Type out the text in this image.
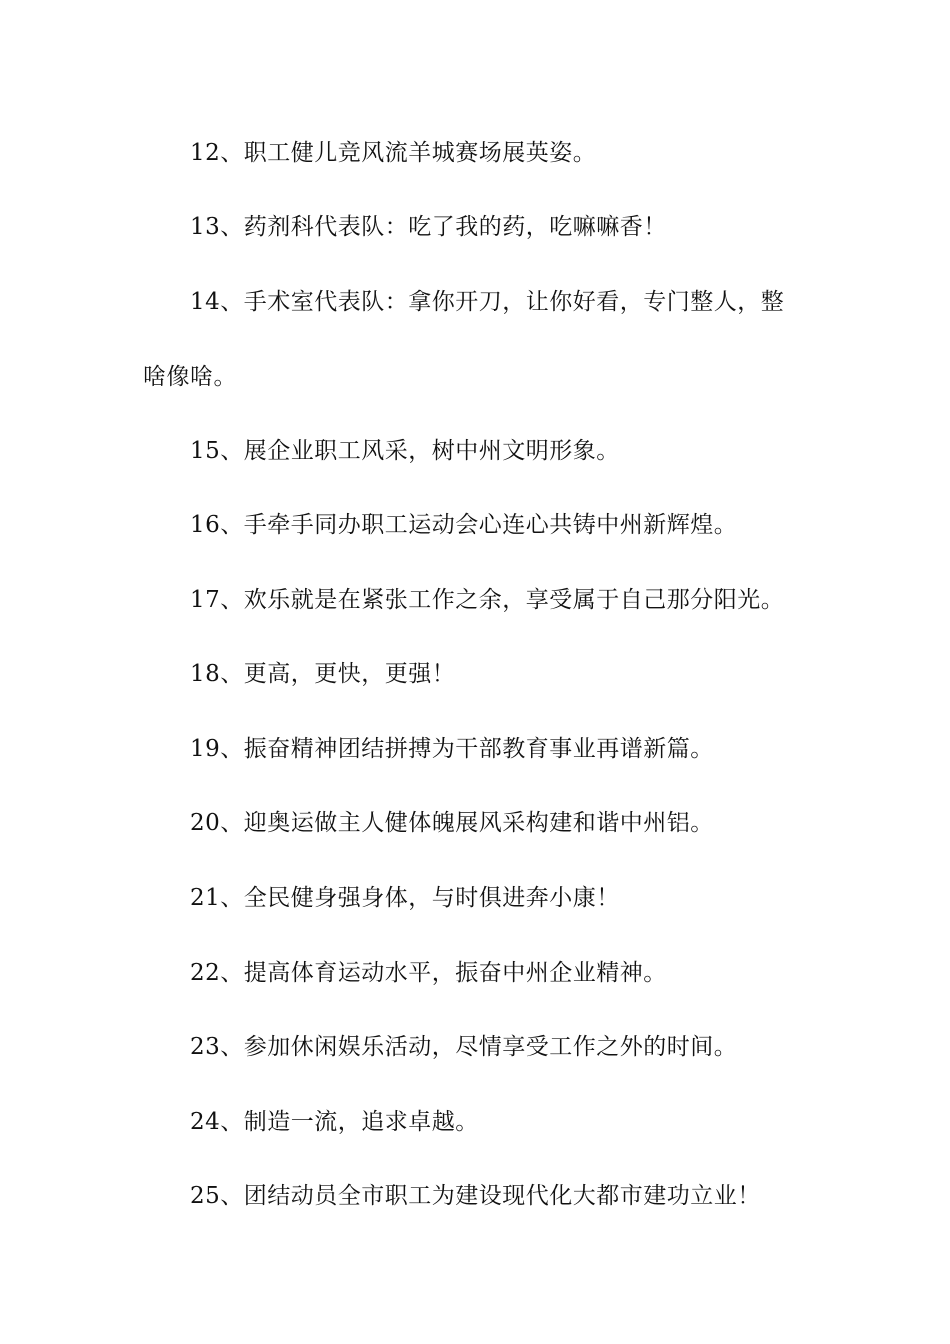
12、职工健儿竞风流羊城赛场展英姿。
13、药剂科代表队：吃了我的药，吃嘛嘛香！
14、手术室代表队：拿你开刀，让你好看，专门整人，整
啥像啥。
15、展企业职工风采，树中州文明形象。
16、手牵手同办职工运动会心连心共铸中州新辉煌。
17、欢乐就是在紧张工作之余，享受属于自己那分阳光。
18、更高，更快，更强！
19、振奋精神团结拼搏为干部教育事业再谱新篇。
20、迎奥运做主人健体魄展风采构建和谐中州铝。
21、全民健身强身体，与时俱进奔小康！
22、提高体育运动水平，振奋中州企业精神。
23、参加休闲娱乐活动，尽情享受工作之外的时间。
24、制造一流，追求卓越。
25、团结动员全市职工为建设现代化大都市建功立业！
